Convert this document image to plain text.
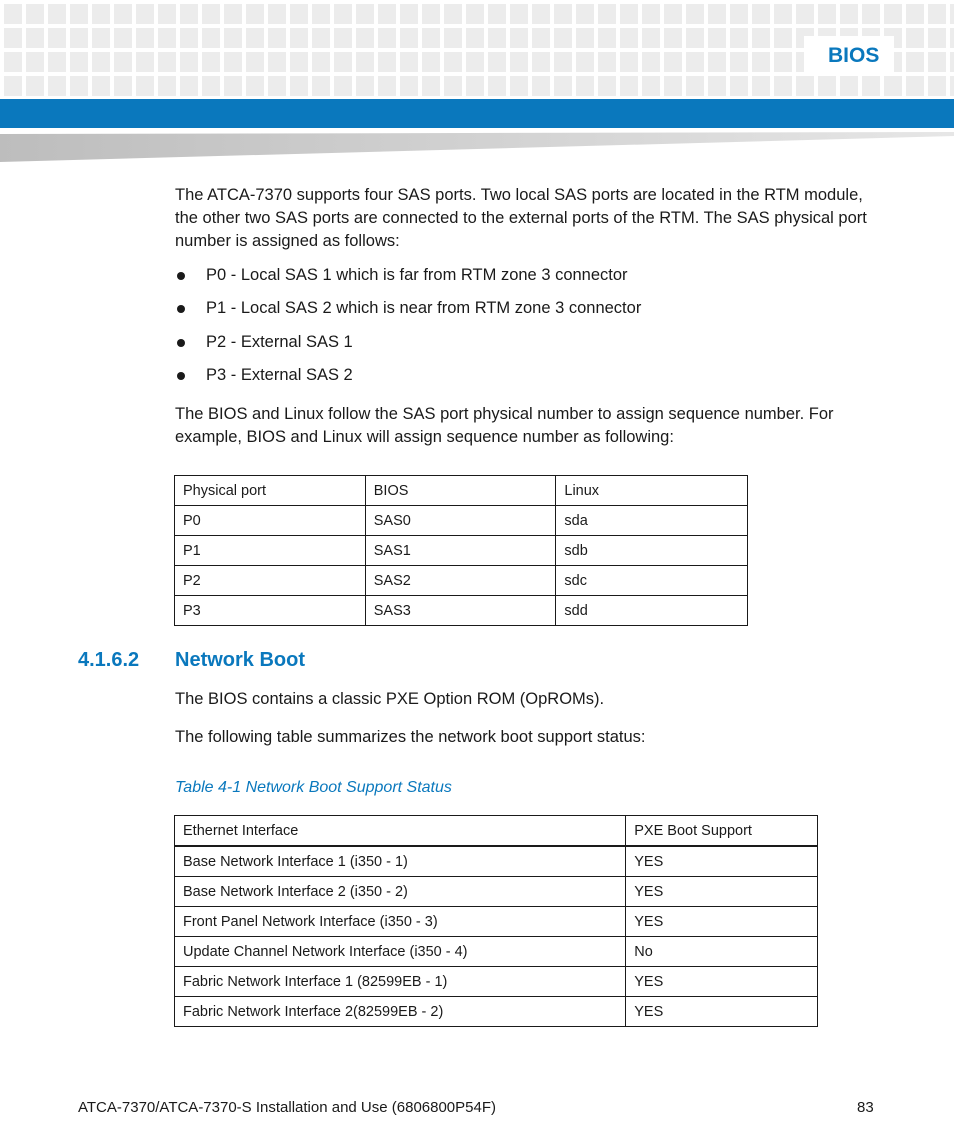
BIOS

The ATCA-7370 supports four SAS ports. Two local SAS ports are located in the RTM module, the other two SAS ports are connected to the external ports of the RTM. The SAS physical port number is assigned as follows:

P0 - Local SAS 1 which is far from RTM zone 3 connector
P1 - Local SAS 2 which is near from RTM zone 3 connector
P2 - External SAS 1
P3 - External SAS 2

The BIOS and Linux follow the SAS port physical number to assign sequence number. For example, BIOS and Linux will assign sequence number as following:

Physical port	BIOS	Linux
P0	SAS0	sda
P1	SAS1	sdb
P2	SAS2	sdc
P3	SAS3	sdd
4.1.6.2 Network Boot

The BIOS contains a classic PXE Option ROM (OpROMs).

The following table summarizes the network boot support status:

Table 4-1 Network Boot Support Status
Ethernet Interface	PXE Boot Support
Base Network Interface 1 (i350 - 1)	YES
Base Network Interface 2 (i350 - 2)	YES
Front Panel Network Interface (i350 - 3)	YES
Update Channel Network Interface (i350 - 4)	No
Fabric Network Interface 1 (82599EB - 1)	YES
Fabric Network Interface 2(82599EB - 2)	YES
ATCA-7370/ATCA-7370-S Installation and Use (6806800P54F)	83
